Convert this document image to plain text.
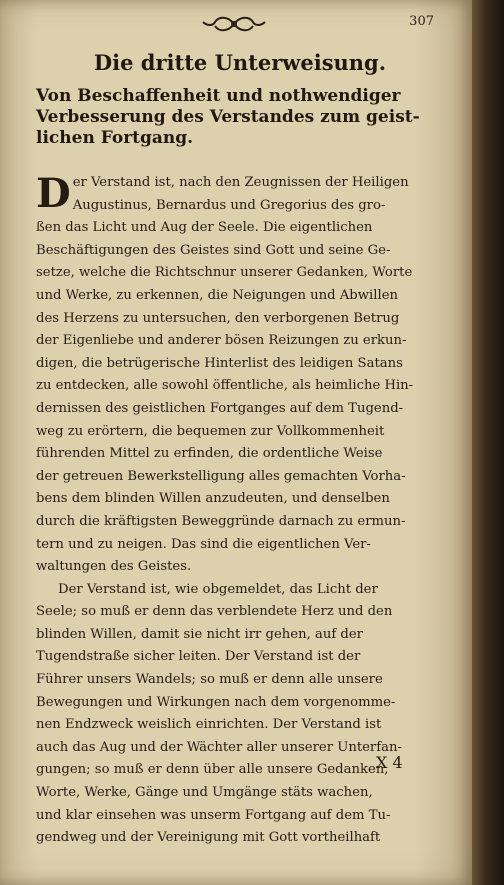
307
Die dritte Unterweisung.
Von Beschaffenheit und nothwendiger
Verbesserung des Verstandes zum geist-
lichen Fortgang.
D er Verstand ist, nach den Zeugnissen der Heiligen
Augustinus, Bernardus und Gregorius des gro-
ßen das Licht und Aug der Seele. Die eigentlichen
Beschäftigungen des Geistes sind Gott und seine Ge-
setze, welche die Richtschnur unserer Gedanken, Worte
und Werke, zu erkennen, die Neigungen und Abwillen
des Herzens zu untersuchen, den verborgenen Betrug
der Eigenliebe und anderer bösen Reizungen zu erkun-
digen, die betrügerische Hinterlist des leidigen Satans
zu entdecken, alle sowohl öffentliche, als heimliche Hin-
dernissen des geistlichen Fortganges auf dem Tugend-
weg zu erörtern, die bequemen zur Vollkommenheit
führenden Mittel zu erfinden, die ordentliche Weise
der getreuen Bewerkstelligung alles gemachten Vorha-
bens dem blinden Willen anzudeuten, und denselben
durch die kräftigsten Beweggründe darnach zu ermun-
tern und zu neigen. Das sind die eigentlichen Ver-
waltungen des Geistes.
Der Verstand ist, wie obgemeldet, das Licht der
Seele; so muß er denn das verblendete Herz und den
blinden Willen, damit sie nicht irr gehen, auf der
Tugendstraße sicher leiten. Der Verstand ist der
Führer unsers Wandels; so muß er denn alle unsere
Bewegungen und Wirkungen nach dem vorgenomme-
nen Endzweck weislich einrichten. Der Verstand ist
auch das Aug und der Wächter aller unserer Unterfan-
gungen; so muß er denn über alle unsere Gedanken,
Worte, Werke, Gänge und Umgänge stäts wachen,
und klar einsehen was unserm Fortgang auf dem Tu-
gendweg und der Vereinigung mit Gott vortheilhaft
X 4
